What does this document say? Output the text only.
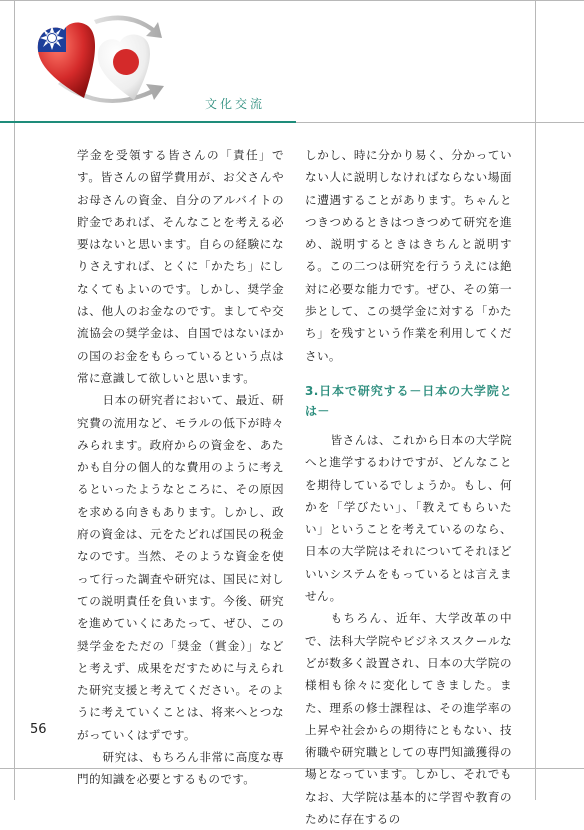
文化交流

学金を受領する皆さんの「責任」です。皆さんの留学費用が、お父さんやお母さんの資金、自分のアルバイトの貯金であれば、そんなことを考える必要はないと思います。自らの経験になりさえすれば、とくに「かたち」にしなくてもよいのです。しかし、奨学金は、他人のお金なのです。ましてや交流協会の奨学金は、自国ではないほかの国のお金をもらっているという点は常に意識して欲しいと思います。

日本の研究者において、最近、研究費の流用など、モラルの低下が時々みられます。政府からの資金を、あたかも自分の個人的な費用のように考えるといったようなところに、その原因を求める向きもあります。しかし、政府の資金は、元をたどれば国民の税金なのです。当然、そのような資金を使って行った調査や研究は、国民に対しての説明責任を負います。今後、研究を進めていくにあたって、ぜひ、この奨学金をただの「奨金（賞金）」などと考えず、成果をだすために与えられた研究支援と考えてください。そのように考えていくことは、将来へとつながっていくはずです。

研究は、もちろん非常に高度な専門的知識を必要とするものです。

しかし、時に分かり易く、分かっていない人に説明しなければならない場面に遭遇することがあります。ちゃんとつきつめるときはつきつめて研究を進め、説明するときはきちんと説明する。この二つは研究を行ううえには絶対に必要な能力です。ぜひ、その第一歩として、この奨学金に対する「かたち」を残すという作業を利用してください。

3.日本で研究する－日本の大学院とは－

皆さんは、これから日本の大学院へと進学するわけですが、どんなことを期待しているでしょうか。もし、何かを「学びたい」、「教えてもらいたい」ということを考えているのなら、日本の大学院はそれについてそれほどいいシステムをもっているとは言えません。

もちろん、近年、大学改革の中で、法科大学院やビジネススクールなどが数多く設置され、日本の大学院の様相も徐々に変化してきました。また、理系の修士課程は、その進学率の上昇や社会からの期待にともない、技術職や研究職としての専門知識獲得の場となっています。しかし、それでもなお、大学院は基本的に学習や教育のために存在するの

56
